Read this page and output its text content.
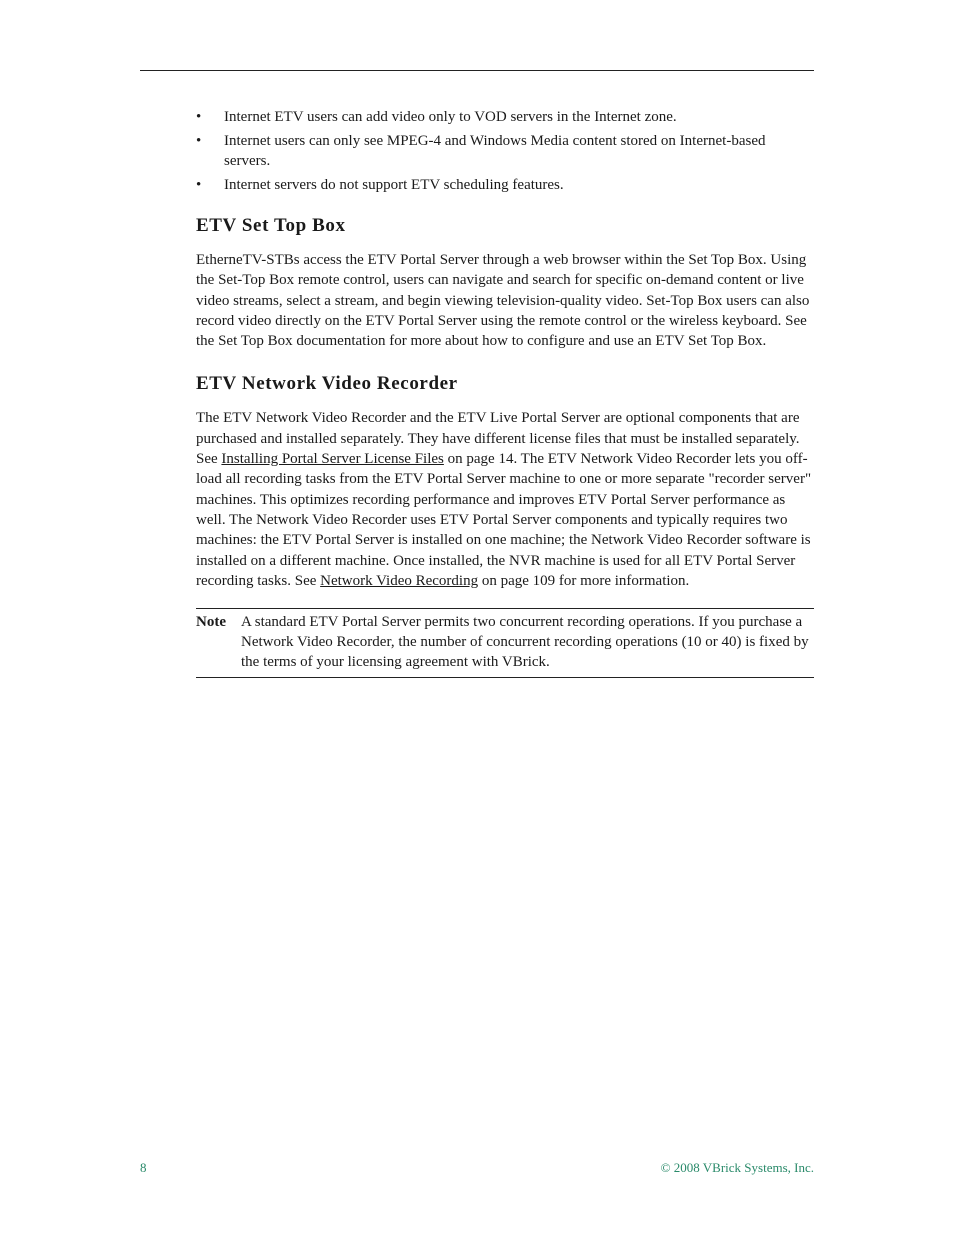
• Internet ETV users can add video only to VOD servers in the Internet zone.
• Internet users can only see MPEG-4 and Windows Media content stored on Internet-based servers.
• Internet servers do not support ETV scheduling features.
ETV Set Top Box

EtherneTV-STBs access the ETV Portal Server through a web browser within the Set Top Box. Using the Set-Top Box remote control, users can navigate and search for specific on-demand content or live video streams, select a stream, and begin viewing television-quality video. Set-Top Box users can also record video directly on the ETV Portal Server using the remote control or the wireless keyboard. See the Set Top Box documentation for more about how to configure and use an ETV Set Top Box.

ETV Network Video Recorder

The ETV Network Video Recorder and the ETV Live Portal Server are optional components that are purchased and installed separately. They have different license files that must be installed separately. See Installing Portal Server License Files on page 14. The ETV Network Video Recorder lets you off-load all recording tasks from the ETV Portal Server machine to one or more separate "recorder server" machines. This optimizes recording performance and improves ETV Portal Server performance as well. The Network Video Recorder uses ETV Portal Server components and typically requires two machines: the ETV Portal Server is installed on one machine; the Network Video Recorder software is installed on a different machine. Once installed, the NVR machine is used for all ETV Portal Server recording tasks. See Network Video Recording on page 109 for more information.

Note	A standard ETV Portal Server permits two concurrent recording operations. If you purchase a Network Video Recorder, the number of concurrent recording operations (10 or 40) is fixed by the terms of your licensing agreement with VBrick.
8	© 2008 VBrick Systems, Inc.
